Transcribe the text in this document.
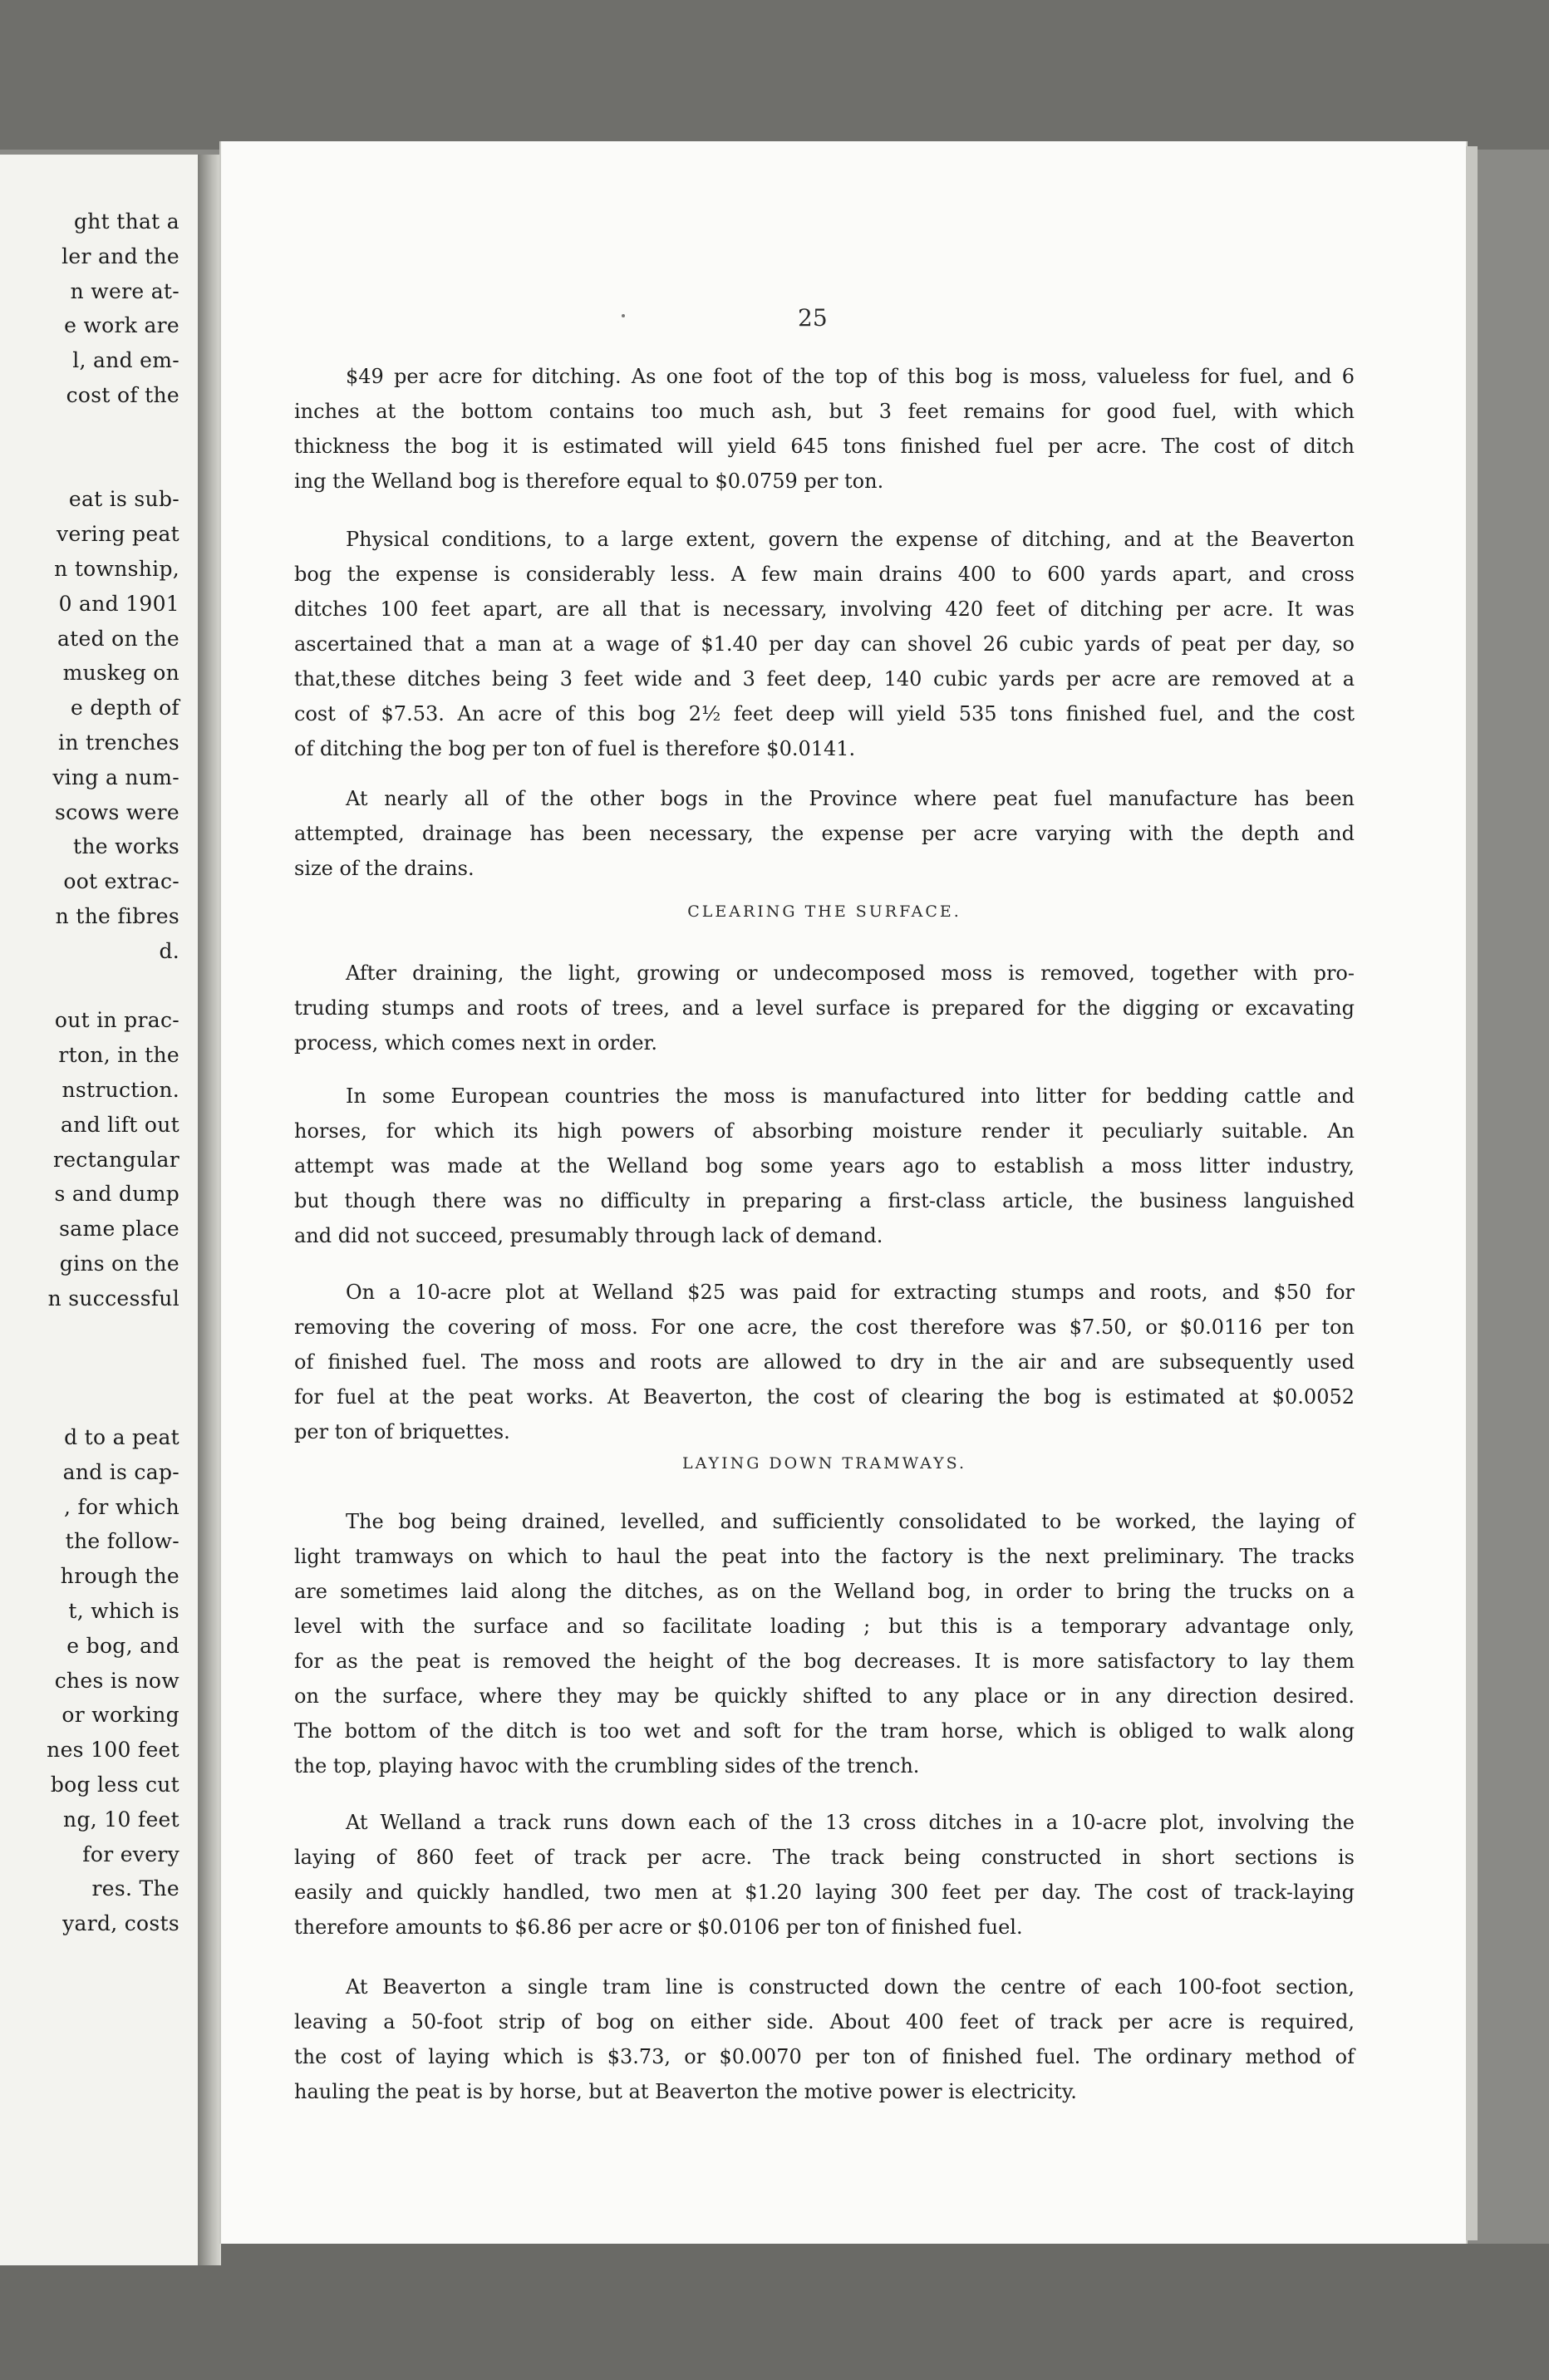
ght that a
ler and the
n were at-
e work are
l, and em-
cost of the
eat is sub-
vering peat
n township,
0 and 1901
ated on the
muskeg on
e depth of
in trenches
ving a num-
scows were
the works
oot extrac-
n the fibres
d.
out in prac-
rton, in the
nstruction.
and lift out
rectangular
s and dump
same place
gins on the
n successful
d to a peat
and is cap-
, for which
the follow-
hrough the
t, which is
e bog, and
ches is now
or working
nes 100 feet
bog less cut
ng, 10 feet
for every
res. The
yard, costs
25
$49 per acre for ditching. As one foot of the top of this bog is moss, valueless for fuel, and 6
inches at the bottom contains too much ash, but 3 feet remains for good fuel, with which
thickness the bog it is estimated will yield 645 tons finished fuel per acre. The cost of ditch
ing the Welland bog is therefore equal to $0.0759 per ton.
Physical conditions, to a large extent, govern the expense of ditching, and at the Beaverton
bog the expense is considerably less. A few main drains 400 to 600 yards apart, and cross
ditches 100 feet apart, are all that is necessary, involving 420 feet of ditching per acre. It was
ascertained that a man at a wage of $1.40 per day can shovel 26 cubic yards of peat per day, so
that,these ditches being 3 feet wide and 3 feet deep, 140 cubic yards per acre are removed at a
cost of $7.53. An acre of this bog 2½ feet deep will yield 535 tons finished fuel, and the cost
of ditching the bog per ton of fuel is therefore $0.0141.
At nearly all of the other bogs in the Province where peat fuel manufacture has been
attempted, drainage has been necessary, the expense per acre varying with the depth and
size of the drains.
CLEARING THE SURFACE.
After draining, the light, growing or undecomposed moss is removed, together with pro-
truding stumps and roots of trees, and a level surface is prepared for the digging or excavating
process, which comes next in order.
In some European countries the moss is manufactured into litter for bedding cattle and
horses, for which its high powers of absorbing moisture render it peculiarly suitable. An
attempt was made at the Welland bog some years ago to establish a moss litter industry,
but though there was no difficulty in preparing a first-class article, the business languished
and did not succeed, presumably through lack of demand.
On a 10-acre plot at Welland $25 was paid for extracting stumps and roots, and $50 for
removing the covering of moss. For one acre, the cost therefore was $7.50, or $0.0116 per ton
of finished fuel. The moss and roots are allowed to dry in the air and are subsequently used
for fuel at the peat works. At Beaverton, the cost of clearing the bog is estimated at $0.0052
per ton of briquettes.
LAYING DOWN TRAMWAYS.
The bog being drained, levelled, and sufficiently consolidated to be worked, the laying of
light tramways on which to haul the peat into the factory is the next preliminary. The tracks
are sometimes laid along the ditches, as on the Welland bog, in order to bring the trucks on a
level with the surface and so facilitate loading ; but this is a temporary advantage only,
for as the peat is removed the height of the bog decreases. It is more satisfactory to lay them
on the surface, where they may be quickly shifted to any place or in any direction desired.
The bottom of the ditch is too wet and soft for the tram horse, which is obliged to walk along
the top, playing havoc with the crumbling sides of the trench.
At Welland a track runs down each of the 13 cross ditches in a 10-acre plot, involving the
laying of 860 feet of track per acre. The track being constructed in short sections is
easily and quickly handled, two men at $1.20 laying 300 feet per day. The cost of track-laying
therefore amounts to $6.86 per acre or $0.0106 per ton of finished fuel.
At Beaverton a single tram line is constructed down the centre of each 100-foot section,
leaving a 50-foot strip of bog on either side. About 400 feet of track per acre is required,
the cost of laying which is $3.73, or $0.0070 per ton of finished fuel. The ordinary method of
hauling the peat is by horse, but at Beaverton the motive power is electricity.
